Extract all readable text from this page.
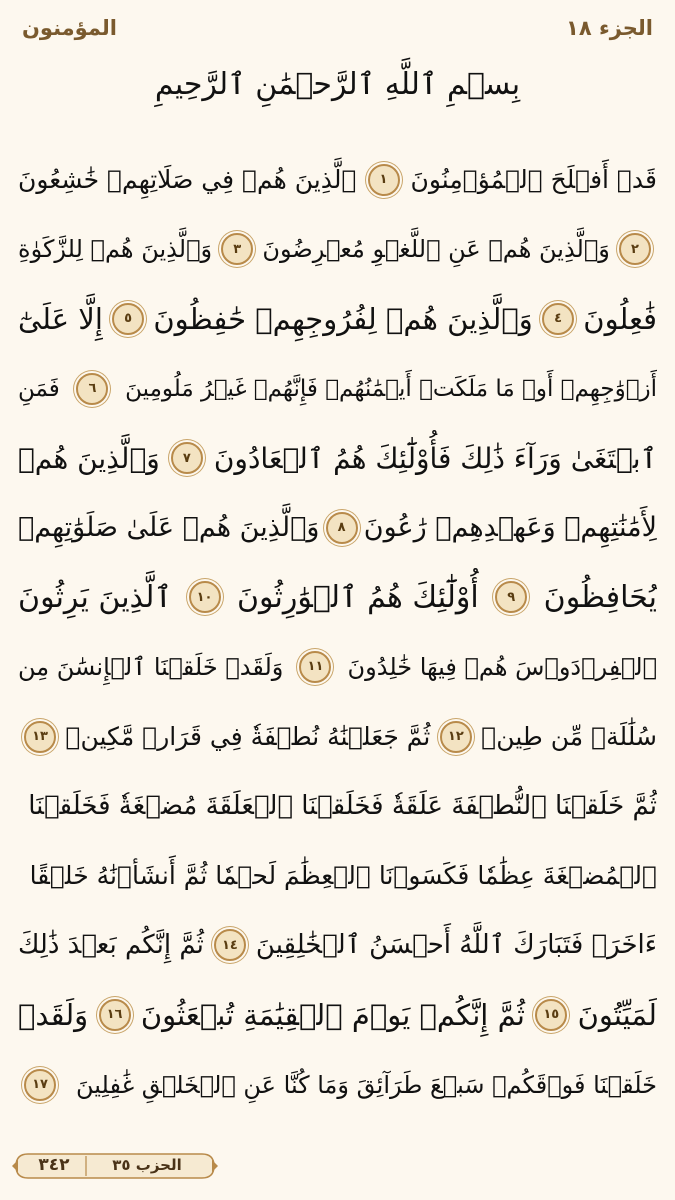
المؤمنون	الجزء ١٨
بِسۡمِ ٱللَّهِ ٱلرَّحۡمَٰنِ ٱلرَّحِيمِ
قَدۡ أَفۡلَحَ ٱلۡمُؤۡمِنُونَ
١
ٱلَّذِينَ هُمۡ فِي صَلَاتِهِمۡ خَٰشِعُونَ
٢
وَٱلَّذِينَ هُمۡ عَنِ ٱللَّغۡوِ مُعۡرِضُونَ
٣
وَٱلَّذِينَ هُمۡ لِلزَّكَوٰةِ
فَٰعِلُونَ
٤
وَٱلَّذِينَ هُمۡ لِفُرُوجِهِمۡ حَٰفِظُونَ
٥
إِلَّا عَلَىٰٓ
أَزۡوَٰجِهِمۡ أَوۡ مَا مَلَكَتۡ أَيۡمَٰنُهُمۡ فَإِنَّهُمۡ غَيۡرُ مَلُومِينَ
٦
فَمَنِ
ٱبۡتَغَىٰ وَرَآءَ ذَٰلِكَ فَأُوْلَٰٓئِكَ هُمُ ٱلۡعَادُونَ
٧
وَٱلَّذِينَ هُمۡ
لِأَمَٰنَٰتِهِمۡ وَعَهۡدِهِمۡ رَٰعُونَ
٨
وَٱلَّذِينَ هُمۡ عَلَىٰ صَلَوَٰتِهِمۡ
يُحَافِظُونَ
٩
أُوْلَٰٓئِكَ هُمُ ٱلۡوَٰرِثُونَ
١٠
ٱلَّذِينَ يَرِثُونَ
ٱلۡفِرۡدَوۡسَ هُمۡ فِيهَا خَٰلِدُونَ
١١
وَلَقَدۡ خَلَقۡنَا ٱلۡإِنسَٰنَ مِن
سُلَٰلَةٖ مِّن طِينٖ
١٢
ثُمَّ جَعَلۡنَٰهُ نُطۡفَةٗ فِي قَرَارٖ مَّكِينٖ
١٣
ثُمَّ خَلَقۡنَا ٱلنُّطۡفَةَ عَلَقَةٗ فَخَلَقۡنَا ٱلۡعَلَقَةَ مُضۡغَةٗ فَخَلَقۡنَا
ٱلۡمُضۡغَةَ عِظَٰمٗا فَكَسَوۡنَا ٱلۡعِظَٰمَ لَحۡمٗا ثُمَّ أَنشَأۡنَٰهُ خَلۡقًا
ءَاخَرَۚ فَتَبَارَكَ ٱللَّهُ أَحۡسَنُ ٱلۡخَٰلِقِينَ
١٤
ثُمَّ إِنَّكُم بَعۡدَ ذَٰلِكَ
لَمَيِّتُونَ
١٥
ثُمَّ إِنَّكُمۡ يَوۡمَ ٱلۡقِيَٰمَةِ تُبۡعَثُونَ
١٦
وَلَقَدۡ
خَلَقۡنَا فَوۡقَكُمۡ سَبۡعَ طَرَآئِقَ وَمَا كُنَّا عَنِ ٱلۡخَلۡقِ غَٰفِلِينَ
١٧
٣٤٢	الحزب ٣٥
